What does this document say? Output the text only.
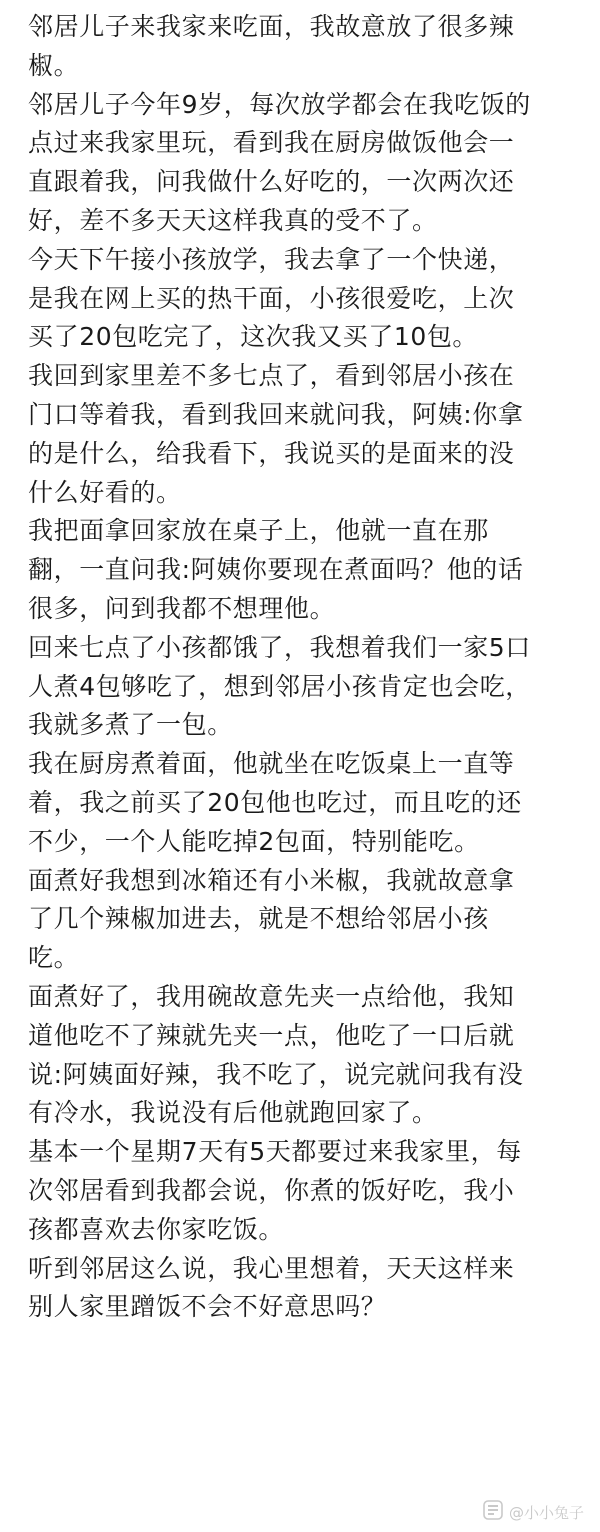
邻居儿子来我家来吃面，我故意放了很多辣
椒。

邻居儿子今年9岁，每次放学都会在我吃饭的
点过来我家里玩，看到我在厨房做饭他会一
直跟着我，问我做什么好吃的，一次两次还
好，差不多天天这样我真的受不了。

今天下午接小孩放学，我去拿了一个快递，
是我在网上买的热干面，小孩很爱吃，上次
买了20包吃完了，这次我又买了10包。

我回到家里差不多七点了，看到邻居小孩在
门口等着我，看到我回来就问我，阿姨:你拿
的是什么，给我看下，我说买的是面来的没
什么好看的。

我把面拿回家放在桌子上，他就一直在那
翻，一直问我:阿姨你要现在煮面吗？他的话
很多，问到我都不想理他。

回来七点了小孩都饿了，我想着我们一家5口
人煮4包够吃了，想到邻居小孩肯定也会吃，
我就多煮了一包。

我在厨房煮着面，他就坐在吃饭桌上一直等
着，我之前买了20包他也吃过，而且吃的还
不少，一个人能吃掉2包面，特别能吃。

面煮好我想到冰箱还有小米椒，我就故意拿
了几个辣椒加进去，就是不想给邻居小孩
吃。

面煮好了，我用碗故意先夹一点给他，我知
道他吃不了辣就先夹一点，他吃了一口后就
说:阿姨面好辣，我不吃了，说完就问我有没
有冷水，我说没有后他就跑回家了。

基本一个星期7天有5天都要过来我家里，每
次邻居看到我都会说，你煮的饭好吃，我小
孩都喜欢去你家吃饭。

听到邻居这么说，我心里想着，天天这样来
别人家里蹭饭不会不好意思吗？

@小小兔子
